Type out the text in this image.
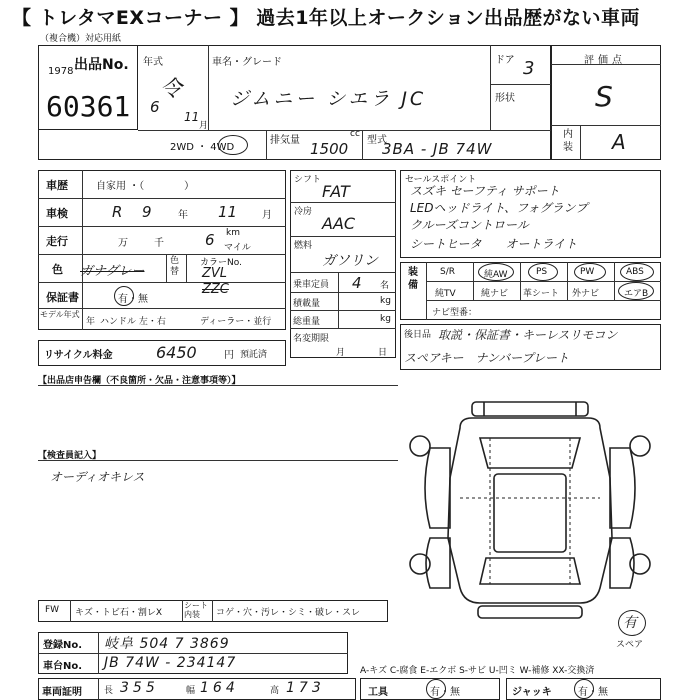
【 トレタマEXコーナー 】 過去1年以上オークション出品歴がない車両
（複合機）対応用紙
出品No.
1978
60361
年式
令
6
11
月
車名・グレード
ジムニー シエラ JC
ドア 3
形状
評価点
S
内装 A
2WD ・ 4WD
排気量
cc
1500 型式
3BA - JB 74W
車歴	自家用 ・（　　　　）
車検	R 9	年 11 月
走行	万	千	6 km
マイル
色 ガナグレー
色替
カラーNo.
ZVL
ZZC
保証書	有・無
モデル年式
年 ハンドル 左・右	ディーラー・並行
リサイクル料金	6450	円 預託済
シフト
FAT
冷房
AAC
燃料
ガソリン
乗車定員 4 名
積載量	kg
総重量	kg
名変期限
月	日
セールスポイント
スズキ セーフティ サポート
LEDヘッドライト、フォグランプ
クルーズコントロール
シートヒータ　　オートライト
装備
S/R	純AW	PS	PW	ABS
純TV	純ナビ 革シート 外ナビ	エアB
ナビ型番：
後日品 取説・保証書・キーレスリモコン
スペアキー　ナンバープレート
【出品店申告欄（不良箇所・欠品・注意事項等）】
【検査員記入】
オーディオキレス
有
スペア
FW キズ・トビ石・割レX
シート内装	コゲ・穴・汚レ・シミ・破レ・スレ
登録No. 岐阜 504 7 3869
車台No. JB 74W - 234147	A-キズ C-腐食 E-エクボ S-サビ U-凹ミ W-補修 XX-交換済
車両証明 長 355	幅 164	高 173	工具	有・無	ジャッキ	有・無
